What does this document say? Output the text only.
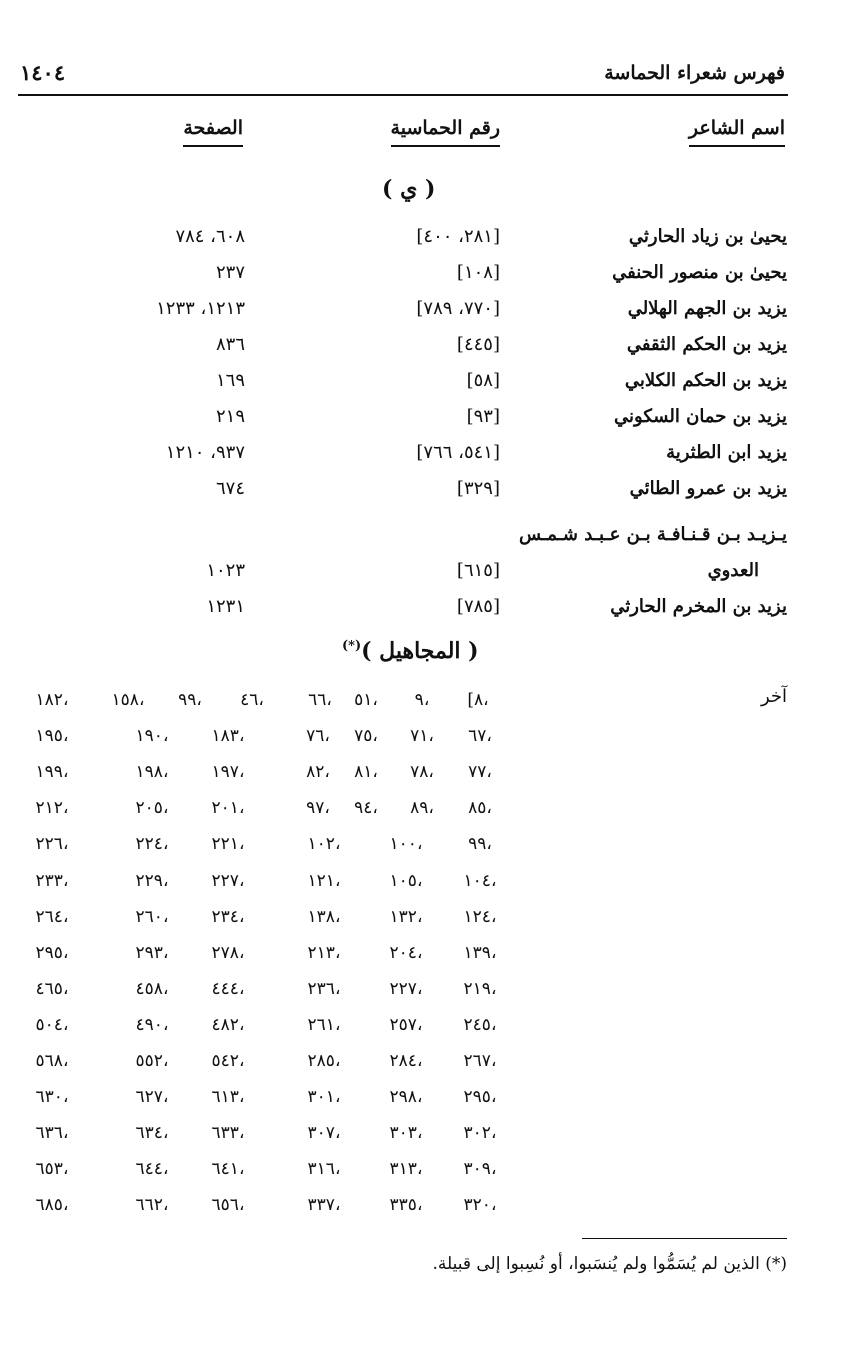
فهرس شعراء الحماسة
١٤٠٤
اسم الشاعر
رقم الحماسية
الصفحة
( ي )
يحيىٰ بن زياد الحارثي
[٢٨١، ٤٠٠]
٦٠٨، ٧٨٤
يحيىٰ بن منصور الحنفي
[١٠٨]
٢٣٧
يزيد بن الجهم الهلالي
[٧٧٠، ٧٨٩]
١٢١٣، ١٢٣٣
يزيد بن الحكم الثقفي
[٤٤٥]
٨٣٦
يزيد بن الحكم الكلابي
[٥٨]
١٦٩
يزيد بن حمان السكوني
[٩٣]
٢١٩
يزيد ابن الطثرية
[٥٤١، ٧٦٦]
٩٣٧، ١٢١٠
يزيد بن عمرو الطائي
[٣٢٩]
٦٧٤
يـزيـد بـن قـنـافـة بـن عـبـد شـمـس
العدوي
[٦١٥]
١٠٢٣
يزيد بن المخرم الحارثي
[٧٨٥]
١٢٣١
( المجاهيل )(*)
آخر
[٨،
٩،
٥١،
٦٦،
٤٦،
٩٩،
١٥٨،
١٨٢،
٦٧،
٧١،
٧٥،
٧٦،
١٨٣،
١٩٠،
١٩٥،
٧٧،
٧٨،
٨١،
٨٢،
١٩٧،
١٩٨،
١٩٩،
٨٥،
٨٩،
٩٤،
٩٧،
٢٠١،
٢٠٥،
٢١٢،
٩٩،
١٠٠،
١٠٢،
٢٢١،
٢٢٤،
٢٢٦،
١٠٤،
١٠٥،
١٢١،
٢٢٧،
٢٢٩،
٢٣٣،
١٢٤،
١٣٢،
١٣٨،
٢٣٤،
٢٦٠،
٢٦٤،
١٣٩،
٢٠٤،
٢١٣،
٢٧٨،
٢٩٣،
٢٩٥،
٢١٩،
٢٢٧،
٢٣٦،
٤٤٤،
٤٥٨،
٤٦٥،
٢٤٥،
٢٥٧،
٢٦١،
٤٨٢،
٤٩٠،
٥٠٤،
٢٦٧،
٢٨٤،
٢٨٥،
٥٤٢،
٥٥٢،
٥٦٨،
٢٩٥،
٢٩٨،
٣٠١،
٦١٣،
٦٢٧،
٦٣٠،
٣٠٢،
٣٠٣،
٣٠٧،
٦٣٣،
٦٣٤،
٦٣٦،
٣٠٩،
٣١٣،
٣١٦،
٦٤١،
٦٤٤،
٦٥٣،
٣٢٠،
٣٣٥،
٣٣٧،
٦٥٦،
٦٦٢،
٦٨٥،
(*) الذين لم يُسَمُّوا ولم يُنسَبوا، أو نُسِبوا إلى قبيلة.
